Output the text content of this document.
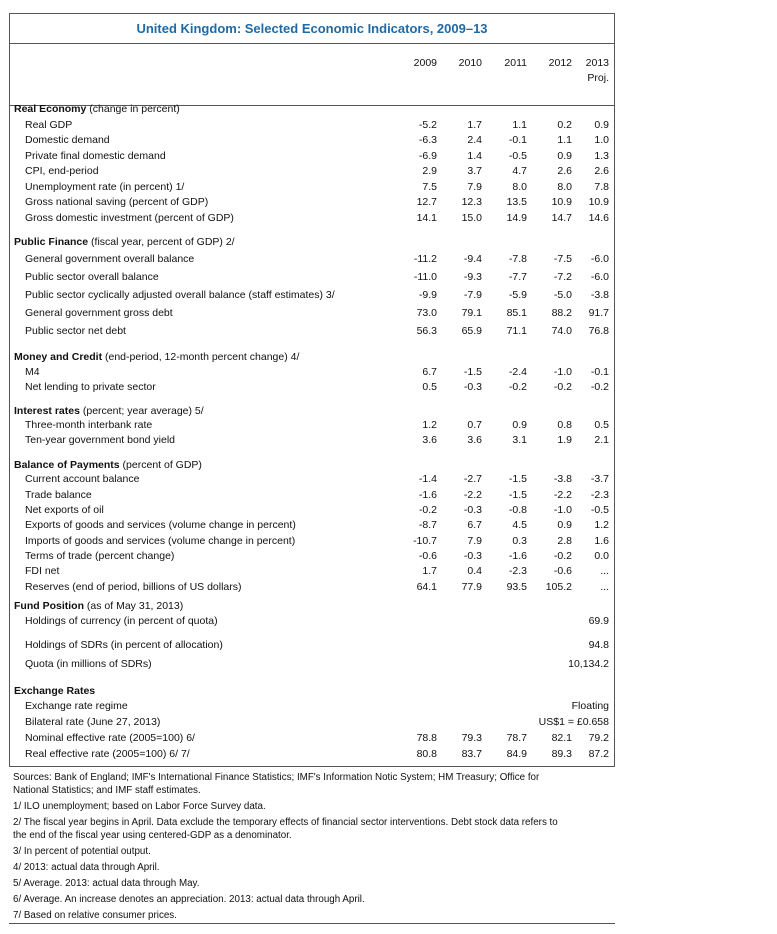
United Kingdom: Selected Economic Indicators, 2009–13
2009	2010	2011	2012	2013
Proj.
Real Economy (change in percent)
Real GDP	-5.2	1.7	1.1	0.2	0.9
Domestic demand	-6.3	2.4	-0.1	1.1	1.0
Private final domestic demand	-6.9	1.4	-0.5	0.9	1.3
CPI, end-period	2.9	3.7	4.7	2.6	2.6
Unemployment rate (in percent) 1/	7.5	7.9	8.0	8.0	7.8
Gross national saving (percent of GDP)	12.7	12.3	13.5	10.9	10.9
Gross domestic investment (percent of GDP)	14.1	15.0	14.9	14.7	14.6
Public Finance (fiscal year, percent of GDP) 2/
General government overall balance	-11.2	-9.4	-7.8	-7.5	-6.0
Public sector overall balance	-11.0	-9.3	-7.7	-7.2	-6.0
Public sector cyclically adjusted overall balance (staff estimates) 3/	-9.9	-7.9	-5.9	-5.0	-3.8
General government gross debt	73.0	79.1	85.1	88.2	91.7
Public sector net debt	56.3	65.9	71.1	74.0	76.8
Money and Credit (end-period, 12-month percent change) 4/
M4	6.7	-1.5	-2.4	-1.0	-0.1
Net lending to private sector	0.5	-0.3	-0.2	-0.2	-0.2
Interest rates (percent; year average) 5/
Three-month interbank rate	1.2	0.7	0.9	0.8	0.5
Ten-year government bond yield	3.6	3.6	3.1	1.9	2.1
Balance of Payments (percent of GDP)
Current account balance	-1.4	-2.7	-1.5	-3.8	-3.7
Trade balance	-1.6	-2.2	-1.5	-2.2	-2.3
Net exports of oil	-0.2	-0.3	-0.8	-1.0	-0.5
Exports of goods and services (volume change in percent)	-8.7	6.7	4.5	0.9	1.2
Imports of goods and services (volume change in percent)	-10.7	7.9	0.3	2.8	1.6
Terms of trade (percent change)	-0.6	-0.3	-1.6	-0.2	0.0
FDI net	1.7	0.4	-2.3	-0.6	...
Reserves (end of period, billions of US dollars)	64.1	77.9	93.5	105.2	...
Fund Position (as of May 31, 2013)
Holdings of currency (in percent of quota)	69.9
Holdings of SDRs (in percent of allocation)	94.8
Quota (in millions of SDRs)	10,134.2
Exchange Rates
Exchange rate regime	Floating
Bilateral rate (June 27, 2013)	US$1 = £0.658
Nominal effective rate (2005=100) 6/	78.8	79.3	78.7	82.1	79.2
Real effective rate (2005=100) 6/ 7/	80.8	83.7	84.9	89.3	87.2
Sources: Bank of England; IMF's International Finance Statistics; IMF's Information Notic System; HM Treasury; Office for
National Statistics; and IMF staff estimates.
1/ ILO unemployment; based on Labor Force Survey data.
2/ The fiscal year begins in April. Data exclude the temporary effects of financial sector interventions. Debt stock data refers to
the end of the fiscal year using centered-GDP as a denominator.
3/ In percent of potential output.
4/ 2013: actual data through April.
5/ Average. 2013: actual data through May.
6/ Average. An increase denotes an appreciation. 2013: actual data through April.
7/ Based on relative consumer prices.
